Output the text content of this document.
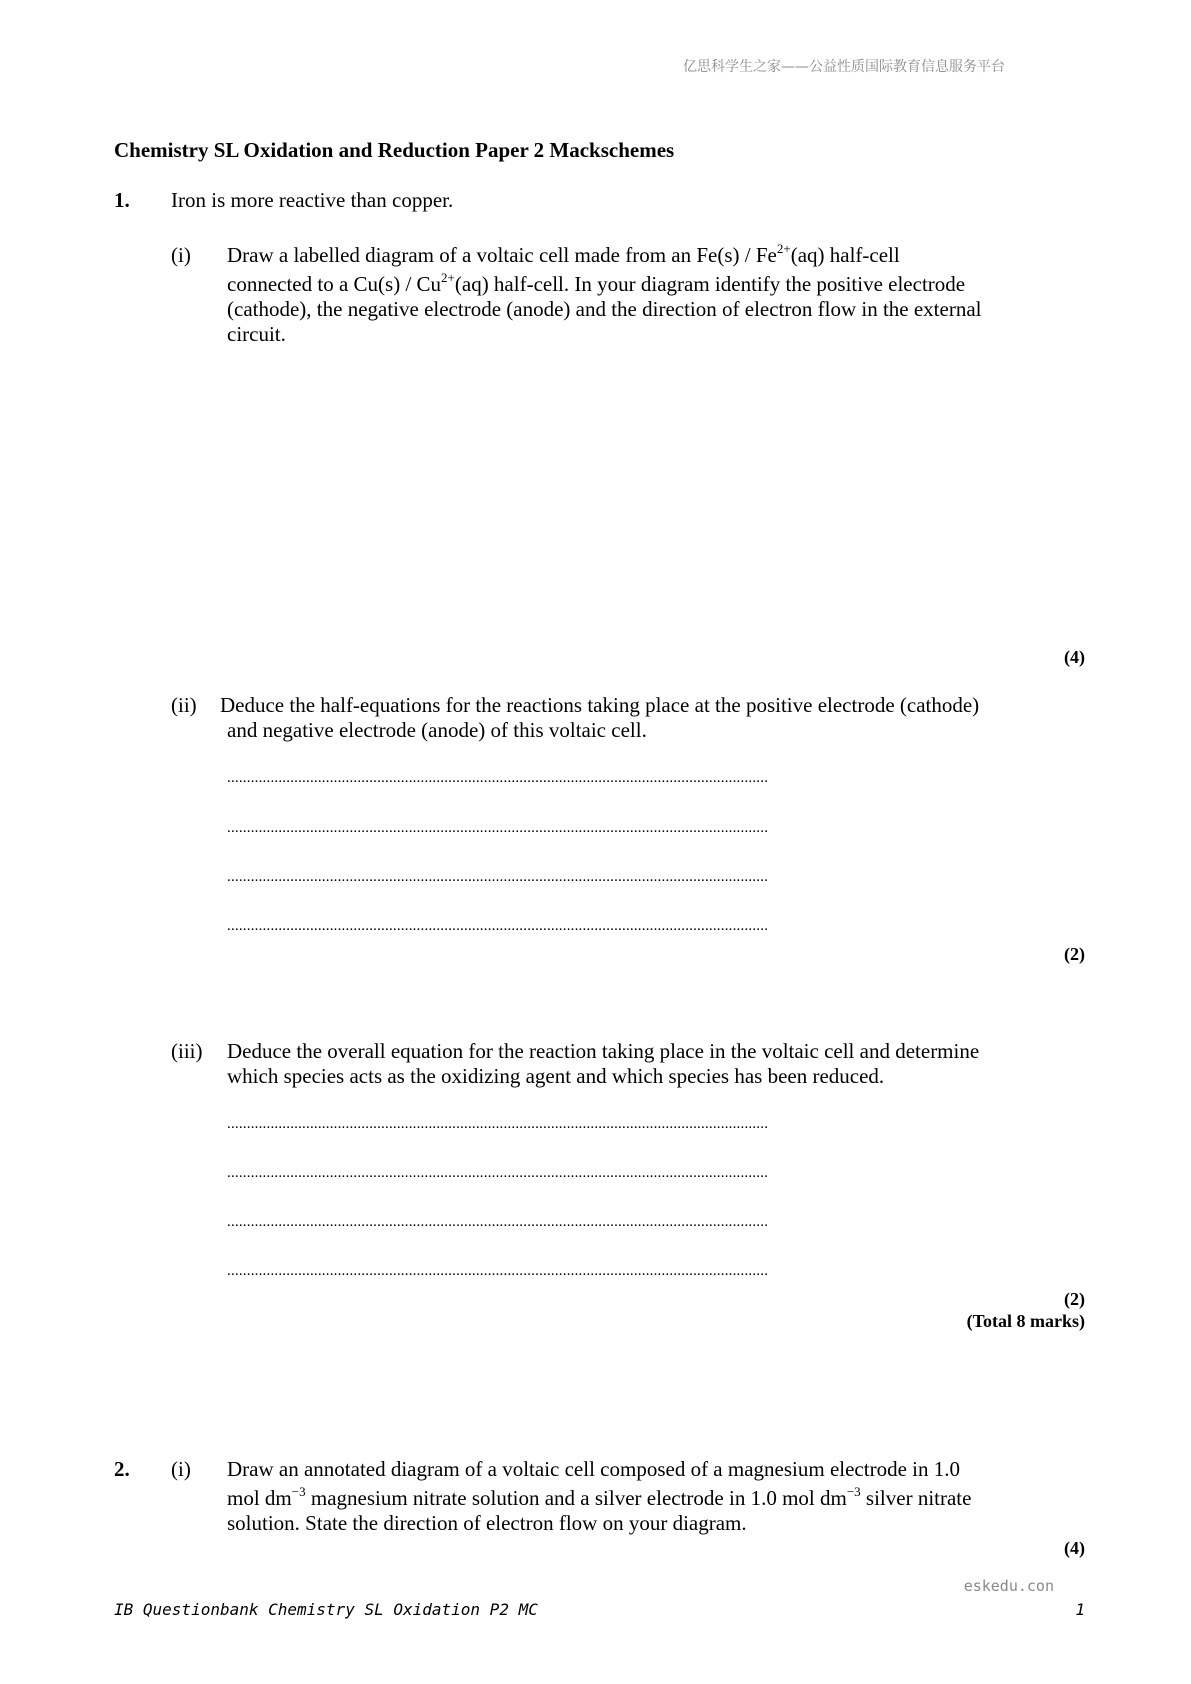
亿思科学生之家——公益性质国际教育信息服务平台
Chemistry SL Oxidation and Reduction Paper 2 Mackschemes
1. Iron is more reactive than copper.
(i) Draw a labelled diagram of a voltaic cell made from an $Fe(s) / Fe^{2+}(aq)$ half-cell
connected to a $Cu(s) / Cu^{2+}(aq)$ half-cell. In your diagram identify the positive electrode
(cathode), the negative electrode (anode) and the direction of electron flow in the external
circuit.
(4)
(ii) Deduce the half-equations for the reactions taking place at the positive electrode (cathode)
and negative electrode (anode) of this voltaic cell.
.........................................................................................................................................
.........................................................................................................................................
.........................................................................................................................................
.........................................................................................................................................
(2)
(iii) Deduce the overall equation for the reaction taking place in the voltaic cell and determine
which species acts as the oxidizing agent and which species has been reduced.
.........................................................................................................................................
.........................................................................................................................................
.........................................................................................................................................
.........................................................................................................................................
(2)
(Total 8 marks)
2. (i) Draw an annotated diagram of a voltaic cell composed of a magnesium electrode in 1.0
mol $dm^{-3}$ magnesium nitrate solution and a silver electrode in 1.0 mol $dm^{-3}$ silver nitrate
solution. State the direction of electron flow on your diagram.
(4)
eskedu.con
IB Questionbank Chemistry SL Oxidation P2 MC	1
